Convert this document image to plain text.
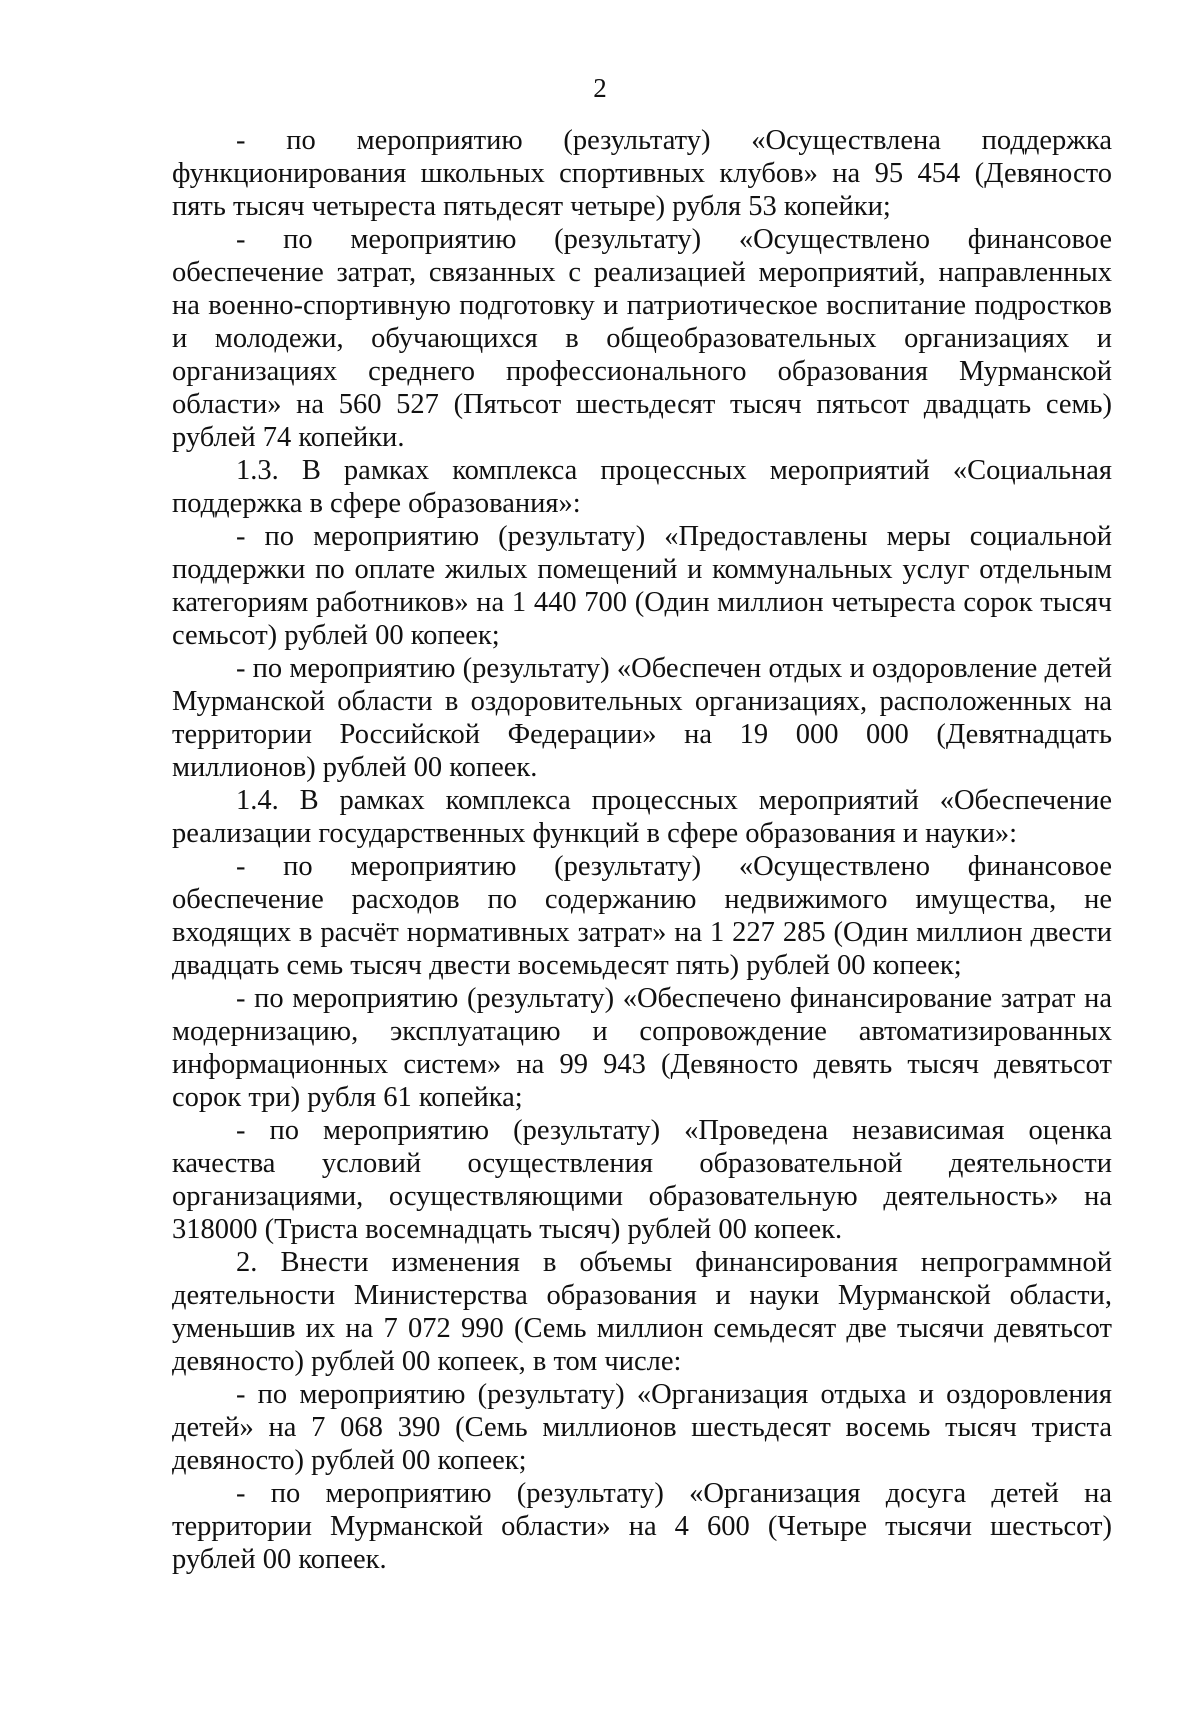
2

- по мероприятию (результату) «Осуществлена поддержка функционирования школьных спортивных клубов» на 95 454 (Девяносто пять тысяч четыреста пятьдесят четыре) рубля 53 копейки;

- по мероприятию (результату) «Осуществлено финансовое обеспечение затрат, связанных с реализацией мероприятий, направленных на военно-спортивную подготовку и патриотическое воспитание подростков и молодежи, обучающихся в общеобразовательных организациях и организациях среднего профессионального образования Мурманской области» на 560 527 (Пятьсот шестьдесят тысяч пятьсот двадцать семь) рублей 74 копейки.

1.3. В рамках комплекса процессных мероприятий «Социальная поддержка в сфере образования»:

- по мероприятию (результату) «Предоставлены меры социальной поддержки по оплате жилых помещений и коммунальных услуг отдельным категориям работников» на 1 440 700 (Один миллион четыреста сорок тысяч семьсот) рублей 00 копеек;

- по мероприятию (результату) «Обеспечен отдых и оздоровление детей Мурманской области в оздоровительных организациях, расположенных на территории Российской Федерации» на 19 000 000 (Девятнадцать миллионов) рублей 00 копеек.

1.4. В рамках комплекса процессных мероприятий «Обеспечение реализации государственных функций в сфере образования и науки»:

- по мероприятию (результату) «Осуществлено финансовое обеспечение расходов по содержанию недвижимого имущества, не входящих в расчёт нормативных затрат» на 1 227 285 (Один миллион двести двадцать семь тысяч двести восемьдесят пять) рублей 00 копеек;

- по мероприятию (результату) «Обеспечено финансирование затрат на модернизацию, эксплуатацию и сопровождение автоматизированных информационных систем» на 99 943 (Девяносто девять тысяч девятьсот сорок три) рубля 61 копейка;

- по мероприятию (результату) «Проведена независимая оценка качества условий осуществления образовательной деятельности организациями, осуществляющими образовательную деятельность» на 318000 (Триста восемнадцать тысяч) рублей 00 копеек.

2. Внести изменения в объемы финансирования непрограммной деятельности Министерства образования и науки Мурманской области, уменьшив их на 7 072 990 (Семь миллион семьдесят две тысячи девятьсот девяносто) рублей 00 копеек, в том числе:

- по мероприятию (результату) «Организация отдыха и оздоровления детей» на 7 068 390 (Семь миллионов шестьдесят восемь тысяч триста девяносто) рублей 00 копеек;

- по мероприятию (результату) «Организация досуга детей на территории Мурманской области» на 4 600 (Четыре тысячи шестьсот) рублей 00 копеек.
